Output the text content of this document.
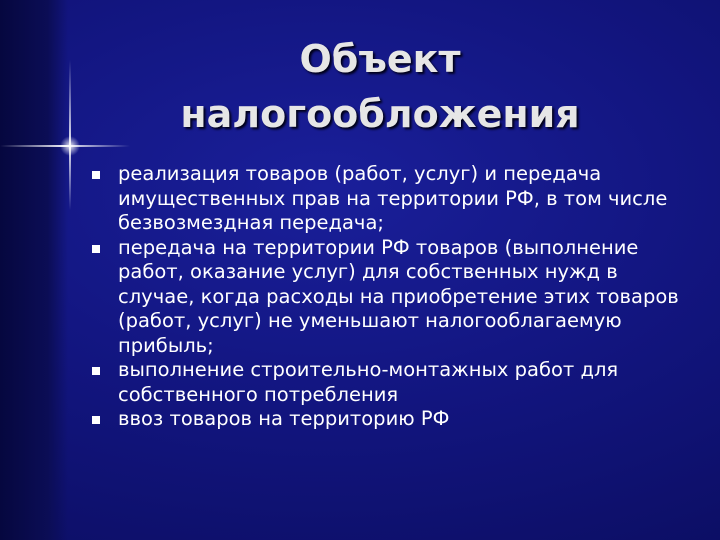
Объект
налогообложения
реализация товаров (работ, услуг) и передача имущественных прав на территории РФ, в том числе безвозмездная передача;
передача на территории РФ товаров (выполнение работ, оказание услуг) для собственных нужд в случае, когда расходы на приобретение этих товаров (работ, услуг) не уменьшают налогооблагаемую прибыль;
выполнение строительно-монтажных работ для собственного потребления
ввоз товаров на территорию РФ
